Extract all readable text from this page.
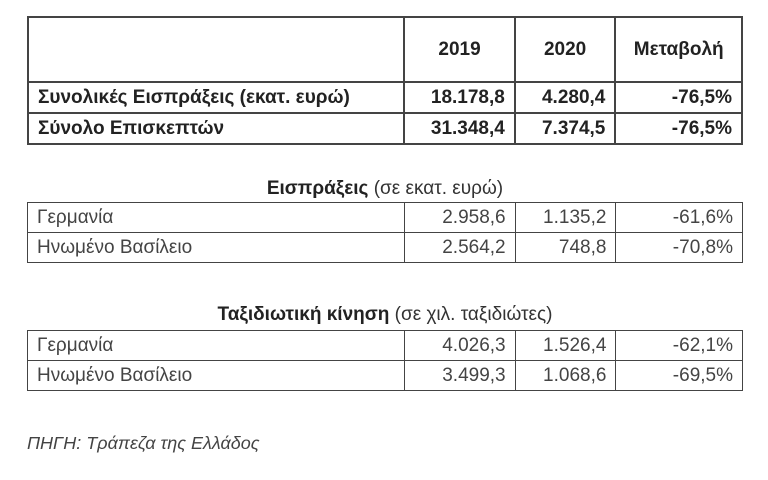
	2019	2020	Μεταβολή
Συνολικές Εισπράξεις (εκατ. ευρώ)	18.178,8	4.280,4	-76,5%
Σύνολο Επισκεπτών	31.348,4	7.374,5	-76,5%
Εισπράξεις (σε εκατ. ευρώ)
Γερμανία	2.958,6	1.135,2	-61,6%
Ηνωμένο Βασίλειο	2.564,2	748,8	-70,8%
Ταξιδιωτική κίνηση (σε χιλ. ταξιδιώτες)
Γερμανία	4.026,3	1.526,4	-62,1%
Ηνωμένο Βασίλειο	3.499,3	1.068,6	-69,5%
ΠΗΓΗ: Τράπεζα της Ελλάδος
